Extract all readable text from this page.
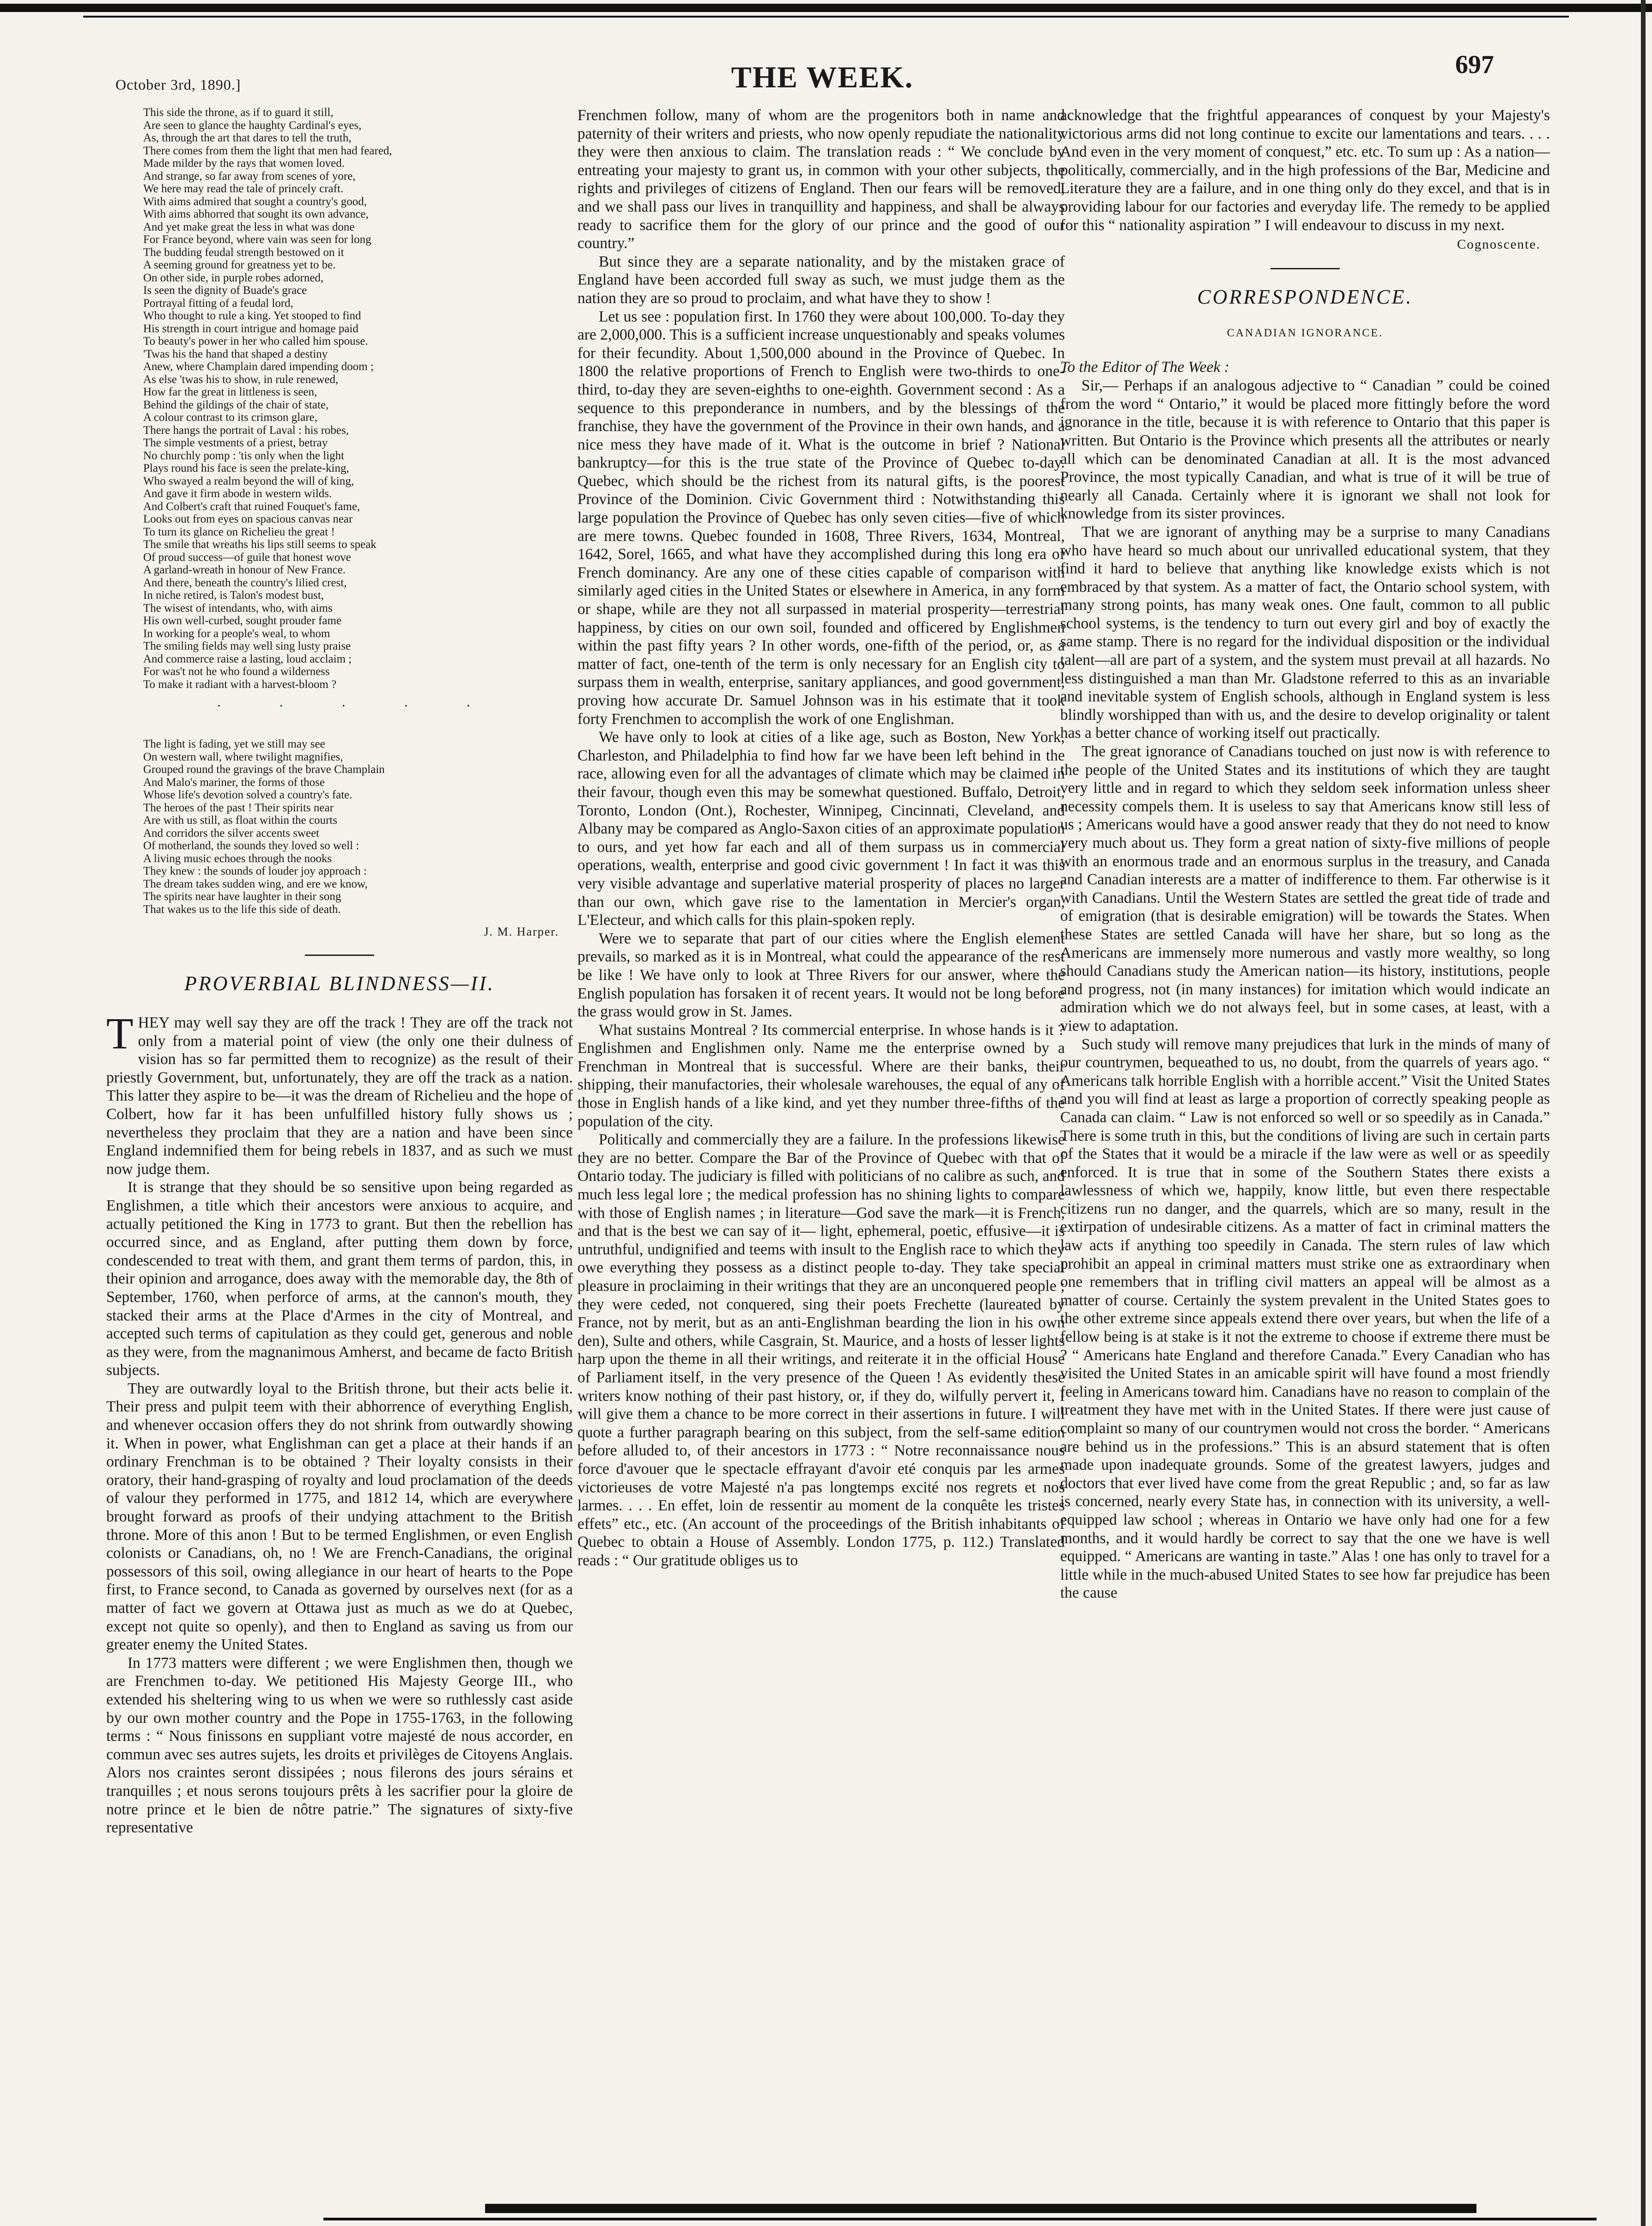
October 3rd, 1890.]	THE WEEK.	697
This side the throne, as if to guard it still,
Are seen to glance the haughty Cardinal's eyes,
As, through the art that dares to tell the truth,
There comes from them the light that men had feared,
Made milder by the rays that women loved.
And strange, so far away from scenes of yore,
We here may read the tale of princely craft.
With aims admired that sought a country's good,
With aims abhorred that sought its own advance,
And yet make great the less in what was done
For France beyond, where vain was seen for long
The budding feudal strength bestowed on it
A seeming ground for greatness yet to be.
On other side, in purple robes adorned,
Is seen the dignity of Buade's grace
Portrayal fitting of a feudal lord,
Who thought to rule a king. Yet stooped to find
His strength in court intrigue and homage paid
To beauty's power in her who called him spouse.
'Twas his the hand that shaped a destiny
Anew, where Champlain dared impending doom ;
As else 'twas his to show, in rule renewed,
How far the great in littleness is seen,
Behind the gildings of the chair of state,
A colour contrast to its crimson glare,
There hangs the portrait of Laval : his robes,
The simple vestments of a priest, betray
No churchly pomp : 'tis only when the light
Plays round his face is seen the prelate-king,
Who swayed a realm beyond the will of king,
And gave it firm abode in western wilds.
And Colbert's craft that ruined Fouquet's fame,
Looks out from eyes on spacious canvas near
To turn its glance on Richelieu the great !
The smile that wreaths his lips still seems to speak
Of proud success—of guile that honest wove
A garland-wreath in honour of New France.
And there, beneath the country's lilied crest,
In niche retired, is Talon's modest bust,
The wisest of intendants, who, with aims
His own well-curbed, sought prouder fame
In working for a people's weal, to whom
The smiling fields may well sing lusty praise
And commerce raise a lasting, loud acclaim ;
For was't not he who found a wilderness
To make it radiant with a harvest-bloom ?
. . . . .
The light is fading, yet we still may see
On western wall, where twilight magnifies,
Grouped round the gravings of the brave Champlain
And Malo's mariner, the forms of those
Whose life's devotion solved a country's fate.
The heroes of the past ! Their spirits near
Are with us still, as float within the courts
And corridors the silver accents sweet
Of motherland, the sounds they loved so well :
A living music echoes through the nooks
They knew : the sounds of louder joy approach :
The dream takes sudden wing, and ere we know,
The spirits near have laughter in their song
That wakes us to the life this side of death.
J. M. Harper.
PROVERBIAL BLINDNESS—II.

THEY may well say they are off the track ! They are off the track not only from a material point of view (the only one their dulness of vision has so far permitted them to recognize) as the result of their priestly Government, but, unfortunately, they are off the track as a nation. This latter they aspire to be—it was the dream of Richelieu and the hope of Colbert, how far it has been unfulfilled history fully shows us ; nevertheless they proclaim that they are a nation and have been since England indemnified them for being rebels in 1837, and as such we must now judge them.

It is strange that they should be so sensitive upon being regarded as Englishmen, a title which their ancestors were anxious to acquire, and actually petitioned the King in 1773 to grant. But then the rebellion has occurred since, and as England, after putting them down by force, condescended to treat with them, and grant them terms of pardon, this, in their opinion and arrogance, does away with the memorable day, the 8th of September, 1760, when perforce of arms, at the cannon's mouth, they stacked their arms at the Place d'Armes in the city of Montreal, and accepted such terms of capitulation as they could get, generous and noble as they were, from the magnanimous Amherst, and became de facto British subjects.

They are outwardly loyal to the British throne, but their acts belie it. Their press and pulpit teem with their abhorrence of everything English, and whenever occasion offers they do not shrink from outwardly showing it. When in power, what Englishman can get a place at their hands if an ordinary Frenchman is to be obtained ? Their loyalty consists in their oratory, their hand-grasping of royalty and loud proclamation of the deeds of valour they performed in 1775, and 1812 14, which are everywhere brought forward as proofs of their undying attachment to the British throne. More of this anon ! But to be termed Englishmen, or even English colonists or Canadians, oh, no ! We are French-Canadians, the original possessors of this soil, owing allegiance in our heart of hearts to the Pope first, to France second, to Canada as governed by ourselves next (for as a matter of fact we govern at Ottawa just as much as we do at Quebec, except not quite so openly), and then to England as saving us from our greater enemy the United States.

In 1773 matters were different ; we were Englishmen then, though we are Frenchmen to-day. We petitioned His Majesty George III., who extended his sheltering wing to us when we were so ruthlessly cast aside by our own mother country and the Pope in 1755-1763, in the following terms : “ Nous finissons en suppliant votre majesté de nous accorder, en commun avec ses autres sujets, les droits et privilèges de Citoyens Anglais. Alors nos craintes seront dissipées ; nous filerons des jours sérains et tranquilles ; et nous serons toujours prêts à les sacrifier pour la gloire de notre prince et le bien de nôtre patrie.” The signatures of sixty-five representative

Frenchmen follow, many of whom are the progenitors both in name and paternity of their writers and priests, who now openly repudiate the nationality they were then anxious to claim. The translation reads : “ We conclude by entreating your majesty to grant us, in common with your other subjects, the rights and privileges of citizens of England. Then our fears will be removed, and we shall pass our lives in tranquillity and happiness, and shall be always ready to sacrifice them for the glory of our prince and the good of our country.”

But since they are a separate nationality, and by the mistaken grace of England have been accorded full sway as such, we must judge them as the nation they are so proud to proclaim, and what have they to show !

Let us see : population first. In 1760 they were about 100,000. To-day they are 2,000,000. This is a sufficient increase unquestionably and speaks volumes for their fecundity. About 1,500,000 abound in the Province of Quebec. In 1800 the relative proportions of French to English were two-thirds to one-third, to-day they are seven-eighths to one-eighth. Government second : As a sequence to this preponderance in numbers, and by the blessings of the franchise, they have the government of the Province in their own hands, and a nice mess they have made of it. What is the outcome in brief ? National bankruptcy—for this is the true state of the Province of Quebec to-day. Quebec, which should be the richest from its natural gifts, is the poorest Province of the Dominion. Civic Government third : Notwithstanding this large population the Province of Quebec has only seven cities—five of which are mere towns. Quebec founded in 1608, Three Rivers, 1634, Montreal, 1642, Sorel, 1665, and what have they accomplished during this long era of French dominancy. Are any one of these cities capable of comparison with similarly aged cities in the United States or elsewhere in America, in any form or shape, while are they not all surpassed in material prosperity—terrestrial happiness, by cities on our own soil, founded and officered by Englishmen within the past fifty years ? In other words, one-fifth of the period, or, as a matter of fact, one-tenth of the term is only necessary for an English city to surpass them in wealth, enterprise, sanitary appliances, and good government, proving how accurate Dr. Samuel Johnson was in his estimate that it took forty Frenchmen to accomplish the work of one Englishman.

We have only to look at cities of a like age, such as Boston, New York, Charleston, and Philadelphia to find how far we have been left behind in the race, allowing even for all the advantages of climate which may be claimed in their favour, though even this may be somewhat questioned. Buffalo, Detroit, Toronto, London (Ont.), Rochester, Winnipeg, Cincinnati, Cleveland, and Albany may be compared as Anglo-Saxon cities of an approximate population to ours, and yet how far each and all of them surpass us in commercial operations, wealth, enterprise and good civic government ! In fact it was this very visible advantage and superlative material prosperity of places no larger than our own, which gave rise to the lamentation in Mercier's organ, L'Electeur, and which calls for this plain-spoken reply.

Were we to separate that part of our cities where the English element prevails, so marked as it is in Montreal, what could the appearance of the rest be like ! We have only to look at Three Rivers for our answer, where the English population has forsaken it of recent years. It would not be long before the grass would grow in St. James.

What sustains Montreal ? Its commercial enterprise. In whose hands is it ? Englishmen and Englishmen only. Name me the enterprise owned by a Frenchman in Montreal that is successful. Where are their banks, their shipping, their manufactories, their wholesale warehouses, the equal of any of those in English hands of a like kind, and yet they number three-fifths of the population of the city.

Politically and commercially they are a failure. In the professions likewise they are no better. Compare the Bar of the Province of Quebec with that of Ontario today. The judiciary is filled with politicians of no calibre as such, and much less legal lore ; the medical profession has no shining lights to compare with those of English names ; in literature—God save the mark—it is French, and that is the best we can say of it— light, ephemeral, poetic, effusive—it is untruthful, undignified and teems with insult to the English race to which they owe everything they possess as a distinct people to-day. They take special pleasure in proclaiming in their writings that they are an unconquered people ; they were ceded, not conquered, sing their poets Frechette (laureated by France, not by merit, but as an anti-Englishman bearding the lion in his own den), Sulte and others, while Casgrain, St. Maurice, and a hosts of lesser lights harp upon the theme in all their writings, and reiterate it in the official House of Parliament itself, in the very presence of the Queen ! As evidently these writers know nothing of their past history, or, if they do, wilfully pervert it, I will give them a chance to be more correct in their assertions in future. I will quote a further paragraph bearing on this subject, from the self-same edition before alluded to, of their ancestors in 1773 : “ Notre reconnaissance nous force d'avouer que le spectacle effrayant d'avoir eté conquis par les armes victorieuses de votre Majesté n'a pas longtemps excité nos regrets et nos larmes. . . . En effet, loin de ressentir au moment de la conquête les tristes effets” etc., etc. (An account of the proceedings of the British inhabitants of Quebec to obtain a House of Assembly. London 1775, p. 112.) Translated reads : “ Our gratitude obliges us to

acknowledge that the frightful appearances of conquest by your Majesty's victorious arms did not long continue to excite our lamentations and tears. . . . And even in the very moment of conquest,” etc. etc. To sum up : As a nation—politically, commercially, and in the high professions of the Bar, Medicine and Literature they are a failure, and in one thing only do they excel, and that is in providing labour for our factories and everyday life. The remedy to be applied for this “ nationality aspiration ” I will endeavour to discuss in my next.

Cognoscente.
CORRESPONDENCE.
CANADIAN IGNORANCE.
To the Editor of The Week :

Sir,— Perhaps if an analogous adjective to “ Canadian ” could be coined from the word “ Ontario,” it would be placed more fittingly before the word ignorance in the title, because it is with reference to Ontario that this paper is written. But Ontario is the Province which presents all the attributes or nearly all which can be denominated Canadian at all. It is the most advanced Province, the most typically Canadian, and what is true of it will be true of nearly all Canada. Certainly where it is ignorant we shall not look for knowledge from its sister provinces.

That we are ignorant of anything may be a surprise to many Canadians who have heard so much about our unrivalled educational system, that they find it hard to believe that anything like knowledge exists which is not embraced by that system. As a matter of fact, the Ontario school system, with many strong points, has many weak ones. One fault, common to all public school systems, is the tendency to turn out every girl and boy of exactly the same stamp. There is no regard for the individual disposition or the individual talent—all are part of a system, and the system must prevail at all hazards. No less distinguished a man than Mr. Gladstone referred to this as an invariable and inevitable system of English schools, although in England system is less blindly worshipped than with us, and the desire to develop originality or talent has a better chance of working itself out practically.

The great ignorance of Canadians touched on just now is with reference to the people of the United States and its institutions of which they are taught very little and in regard to which they seldom seek information unless sheer necessity compels them. It is useless to say that Americans know still less of us ; Americans would have a good answer ready that they do not need to know very much about us. They form a great nation of sixty-five millions of people with an enormous trade and an enormous surplus in the treasury, and Canada and Canadian interests are a matter of indifference to them. Far otherwise is it with Canadians. Until the Western States are settled the great tide of trade and of emigration (that is desirable emigration) will be towards the States. When these States are settled Canada will have her share, but so long as the Americans are immensely more numerous and vastly more wealthy, so long should Canadians study the American nation—its history, institutions, people and progress, not (in many instances) for imitation which would indicate an admiration which we do not always feel, but in some cases, at least, with a view to adaptation.

Such study will remove many prejudices that lurk in the minds of many of our countrymen, bequeathed to us, no doubt, from the quarrels of years ago. “ Americans talk horrible English with a horrible accent.” Visit the United States and you will find at least as large a proportion of correctly speaking people as Canada can claim. “ Law is not enforced so well or so speedily as in Canada.” There is some truth in this, but the conditions of living are such in certain parts of the States that it would be a miracle if the law were as well or as speedily enforced. It is true that in some of the Southern States there exists a lawlessness of which we, happily, know little, but even there respectable citizens run no danger, and the quarrels, which are so many, result in the extirpation of undesirable citizens. As a matter of fact in criminal matters the law acts if anything too speedily in Canada. The stern rules of law which prohibit an appeal in criminal matters must strike one as extraordinary when one remembers that in trifling civil matters an appeal will be almost as a matter of course. Certainly the system prevalent in the United States goes to the other extreme since appeals extend there over years, but when the life of a fellow being is at stake is it not the extreme to choose if extreme there must be ? “ Americans hate England and therefore Canada.” Every Canadian who has visited the United States in an amicable spirit will have found a most friendly feeling in Americans toward him. Canadians have no reason to complain of the treatment they have met with in the United States. If there were just cause of complaint so many of our countrymen would not cross the border. “ Americans are behind us in the professions.” This is an absurd statement that is often made upon inadequate grounds. Some of the greatest lawyers, judges and doctors that ever lived have come from the great Republic ; and, so far as law is concerned, nearly every State has, in connection with its university, a well-equipped law school ; whereas in Ontario we have only had one for a few months, and it would hardly be correct to say that the one we have is well equipped. “ Americans are wanting in taste.” Alas ! one has only to travel for a little while in the much-abused United States to see how far prejudice has been the cause
